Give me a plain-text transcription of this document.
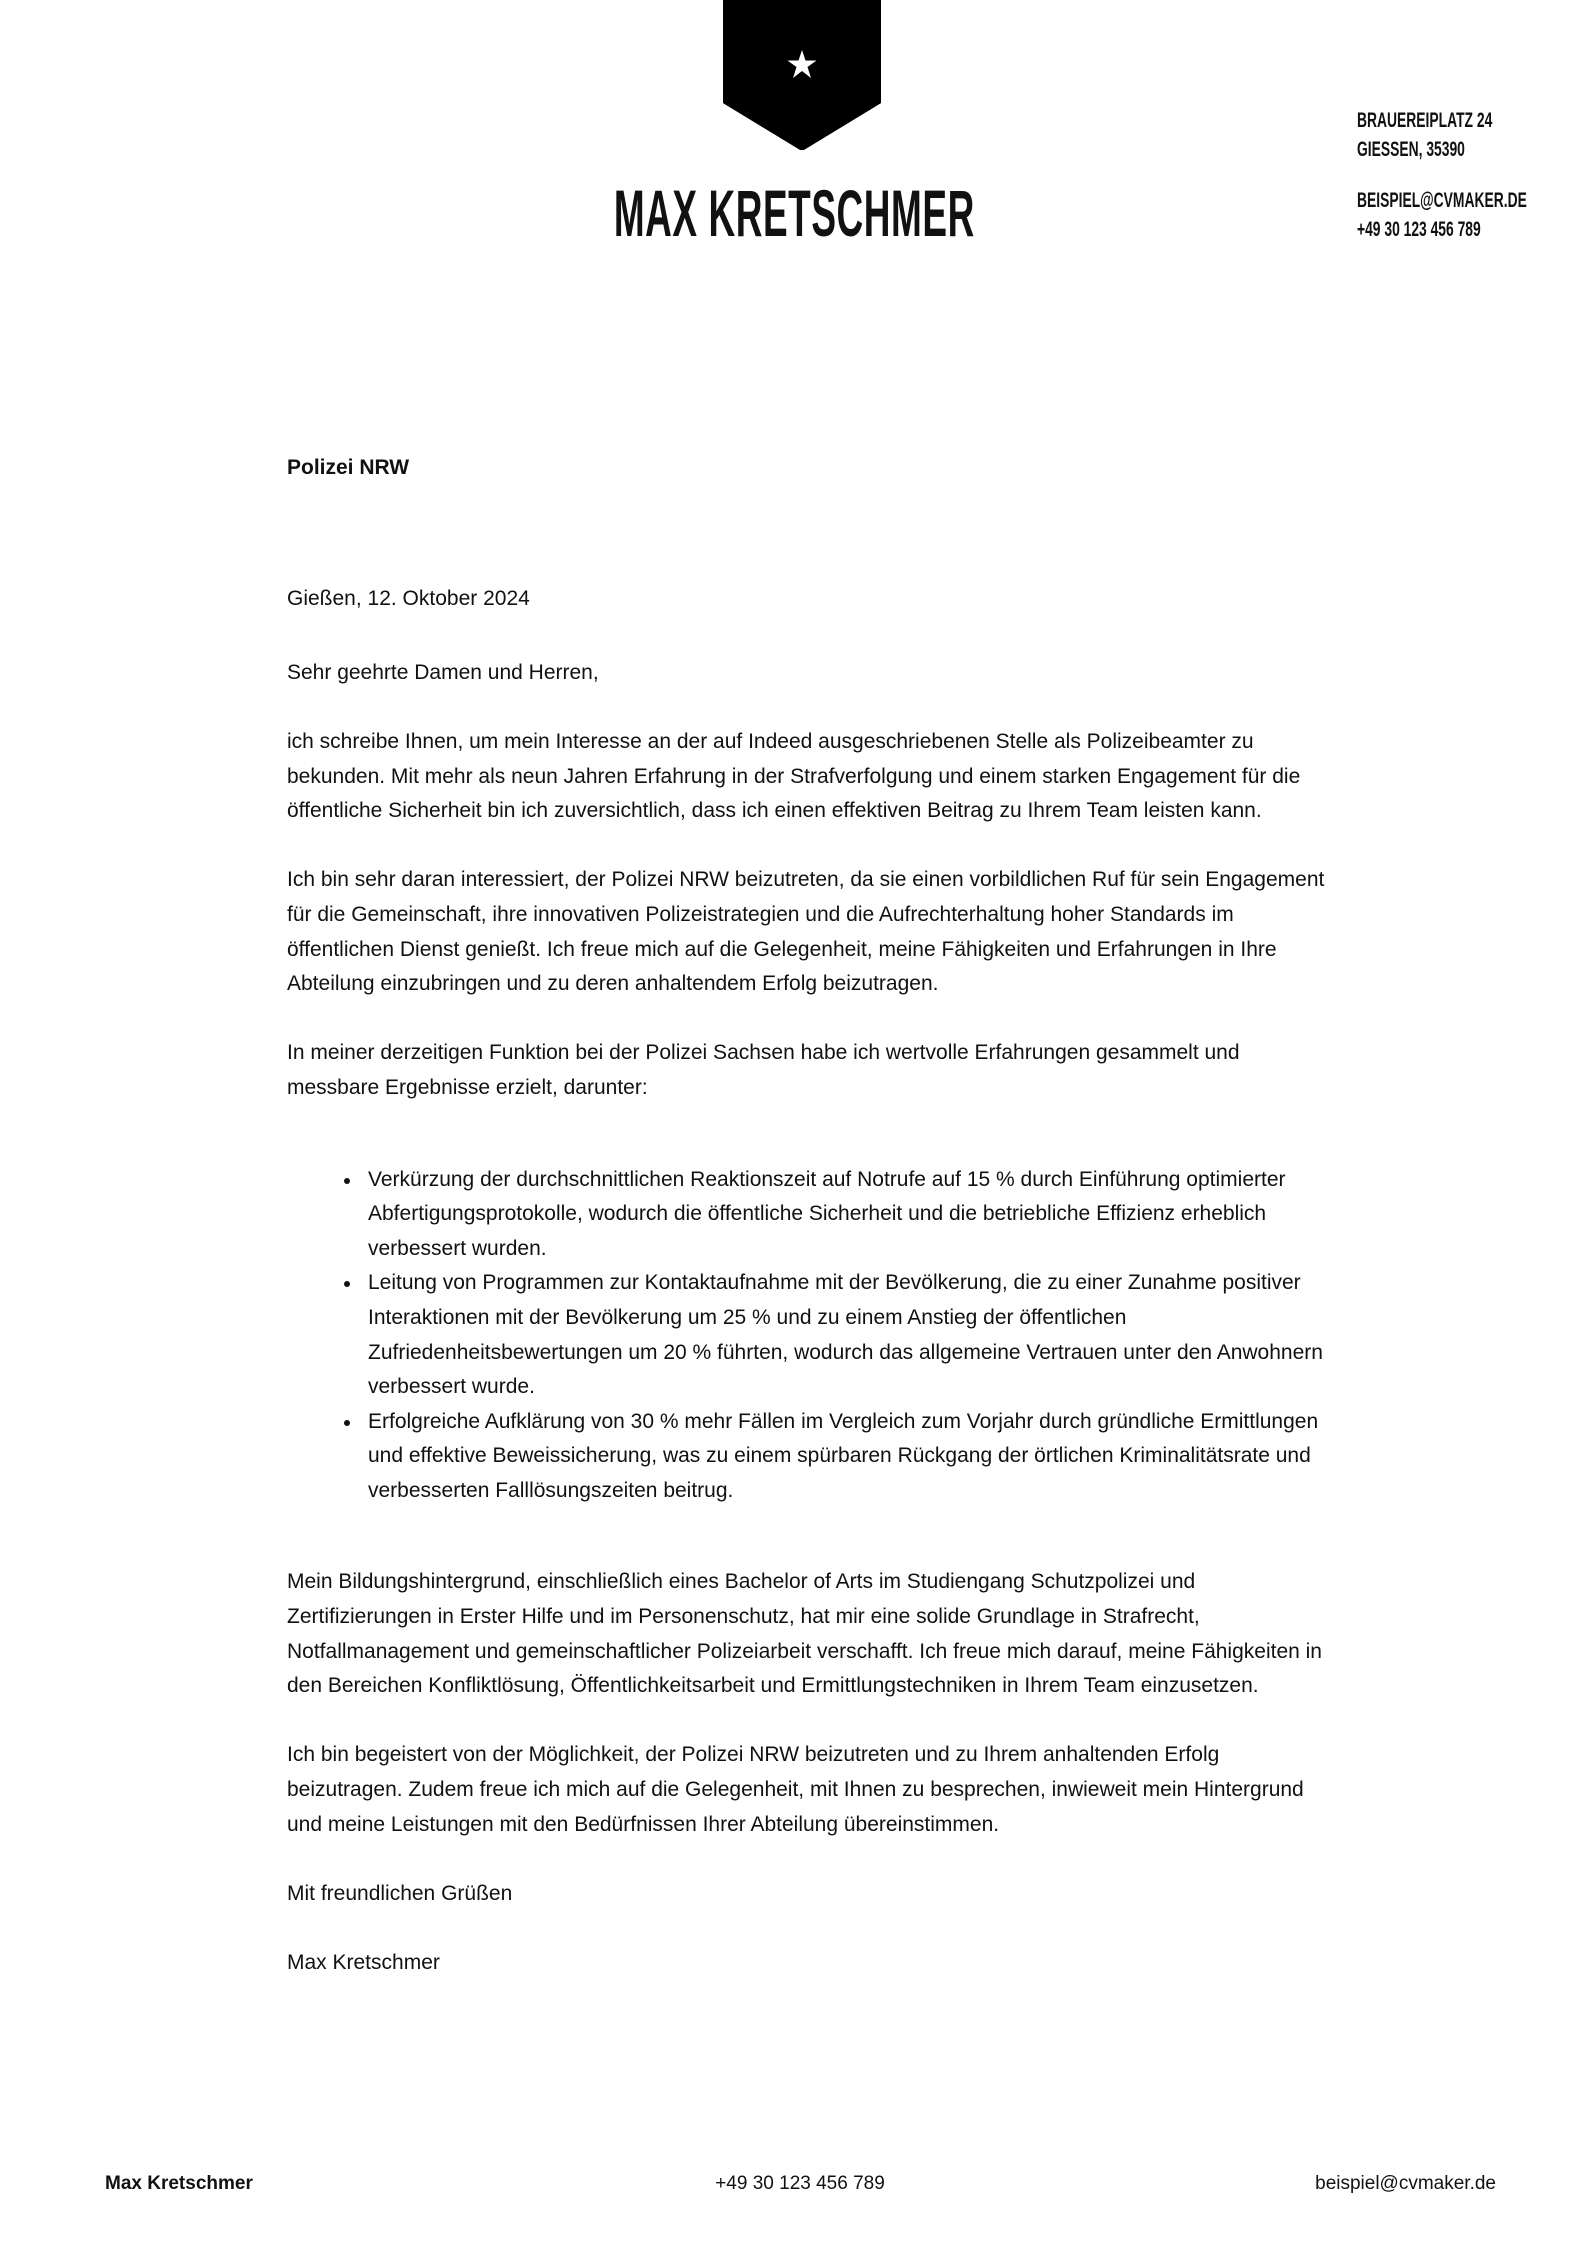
MAX KRETSCHMER
BRAUEREIPLATZ 24
GIESSEN, 35390
BEISPIEL@CVMAKER.DE
+49 30 123 456 789
Polizei NRW
Gießen, 12. Oktober 2024
Sehr geehrte Damen und Herren,

ich schreibe Ihnen, um mein Interesse an der auf Indeed ausgeschriebenen Stelle als Polizeibeamter zu bekunden. Mit mehr als neun Jahren Erfahrung in der Strafverfolgung und einem starken Engagement für die öffentliche Sicherheit bin ich zuversichtlich, dass ich einen effektiven Beitrag zu Ihrem Team leisten kann.

Ich bin sehr daran interessiert, der Polizei NRW beizutreten, da sie einen vorbildlichen Ruf für sein Engagement für die Gemeinschaft, ihre innovativen Polizeistrategien und die Aufrechterhaltung hoher Standards im öffentlichen Dienst genießt. Ich freue mich auf die Gelegenheit, meine Fähigkeiten und Erfahrungen in Ihre Abteilung einzubringen und zu deren anhaltendem Erfolg beizutragen.

In meiner derzeitigen Funktion bei der Polizei Sachsen habe ich wertvolle Erfahrungen gesammelt und messbare Ergebnisse erzielt, darunter:

Verkürzung der durchschnittlichen Reaktionszeit auf Notrufe auf 15 % durch Einführung optimierter Abfertigungsprotokolle, wodurch die öffentliche Sicherheit und die betriebliche Effizienz erheblich verbessert wurden.
Leitung von Programmen zur Kontaktaufnahme mit der Bevölkerung, die zu einer Zunahme positiver Interaktionen mit der Bevölkerung um 25 % und zu einem Anstieg der öffentlichen Zufriedenheitsbewertungen um 20 % führten, wodurch das allgemeine Vertrauen unter den Anwohnern verbessert wurde.
Erfolgreiche Aufklärung von 30 % mehr Fällen im Vergleich zum Vorjahr durch gründliche Ermittlungen und effektive Beweissicherung, was zu einem spürbaren Rückgang der örtlichen Kriminalitätsrate und verbesserten Falllösungszeiten beitrug.

Mein Bildungshintergrund, einschließlich eines Bachelor of Arts im Studiengang Schutzpolizei und Zertifizierungen in Erster Hilfe und im Personenschutz, hat mir eine solide Grundlage in Strafrecht, Notfallmanagement und gemeinschaftlicher Polizeiarbeit verschafft. Ich freue mich darauf, meine Fähigkeiten in den Bereichen Konfliktlösung, Öffentlichkeitsarbeit und Ermittlungstechniken in Ihrem Team einzusetzen.

Ich bin begeistert von der Möglichkeit, der Polizei NRW beizutreten und zu Ihrem anhaltenden Erfolg beizutragen. Zudem freue ich mich auf die Gelegenheit, mit Ihnen zu besprechen, inwieweit mein Hintergrund und meine Leistungen mit den Bedürfnissen Ihrer Abteilung übereinstimmen.

Mit freundlichen Grüßen

Max Kretschmer

Max Kretschmer	+49 30 123 456 789	beispiel@cvmaker.de
